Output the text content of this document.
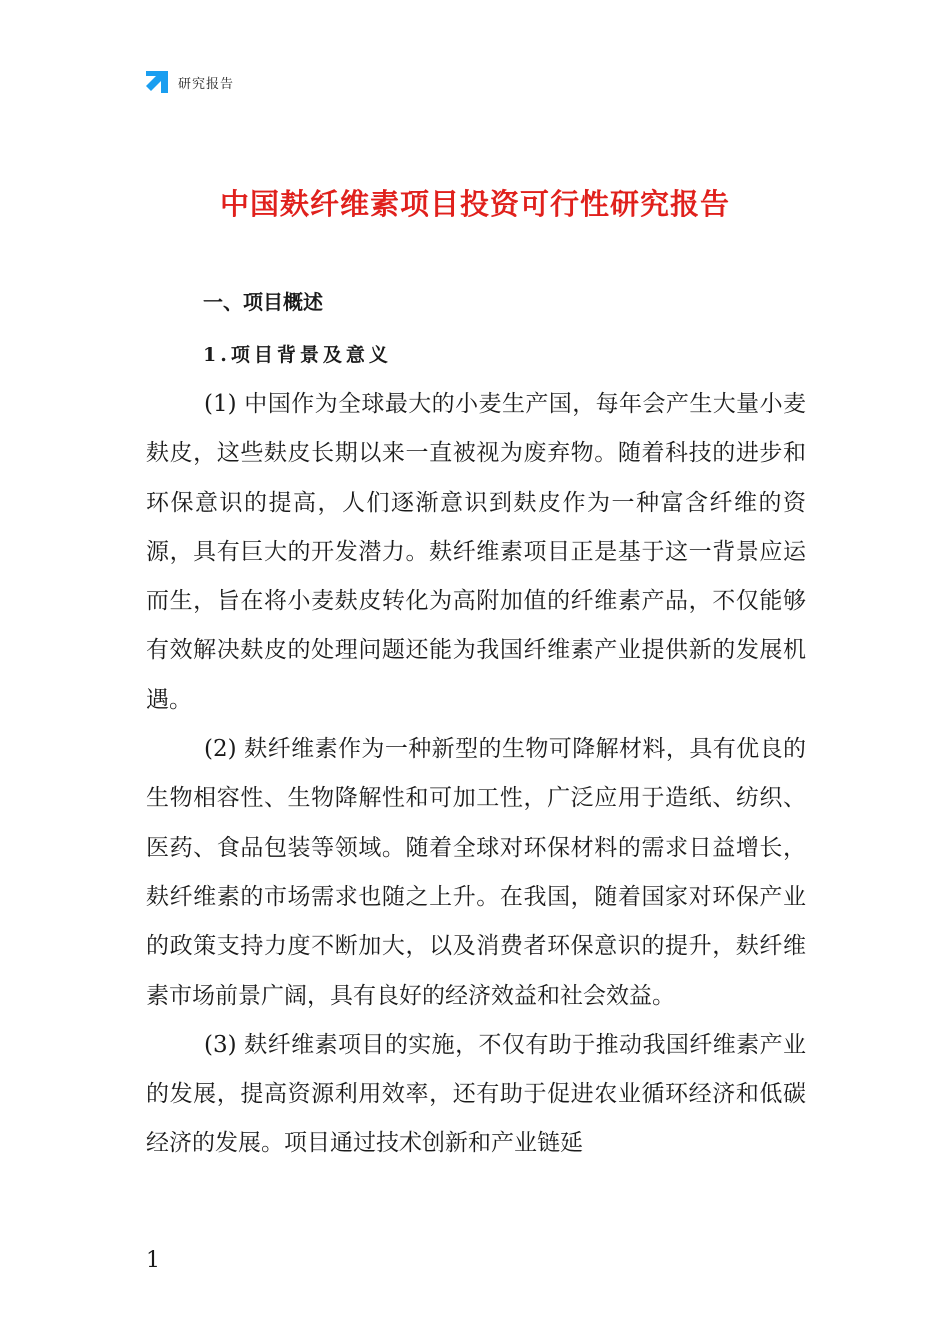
研究报告
中国麸纤维素项目投资可行性研究报告
一、项目概述
1.项目背景及意义

(1) 中国作为全球最大的小麦生产国，每年会产生大量小麦麸皮，这些麸皮长期以来一直被视为废弃物。随着科技的进步和环保意识的提高，人们逐渐意识到麸皮作为一种富含纤维的资源，具有巨大的开发潜力。麸纤维素项目正是基于这一背景应运而生，旨在将小麦麸皮转化为高附加值的纤维素产品，不仅能够有效解决麸皮的处理问题还能为我国纤维素产业提供新的发展机遇。

(2) 麸纤维素作为一种新型的生物可降解材料，具有优良的生物相容性、生物降解性和可加工性，广泛应用于造纸、纺织、医药、食品包装等领域。随着全球对环保材料的需求日益增长，麸纤维素的市场需求也随之上升。在我国，随着国家对环保产业的政策支持力度不断加大，以及消费者环保意识的提升，麸纤维素市场前景广阔，具有良好的经济效益和社会效益。

(3) 麸纤维素项目的实施，不仅有助于推动我国纤维素产业的发展，提高资源利用效率，还有助于促进农业循环经济和低碳经济的发展。项目通过技术创新和产业链延

1
